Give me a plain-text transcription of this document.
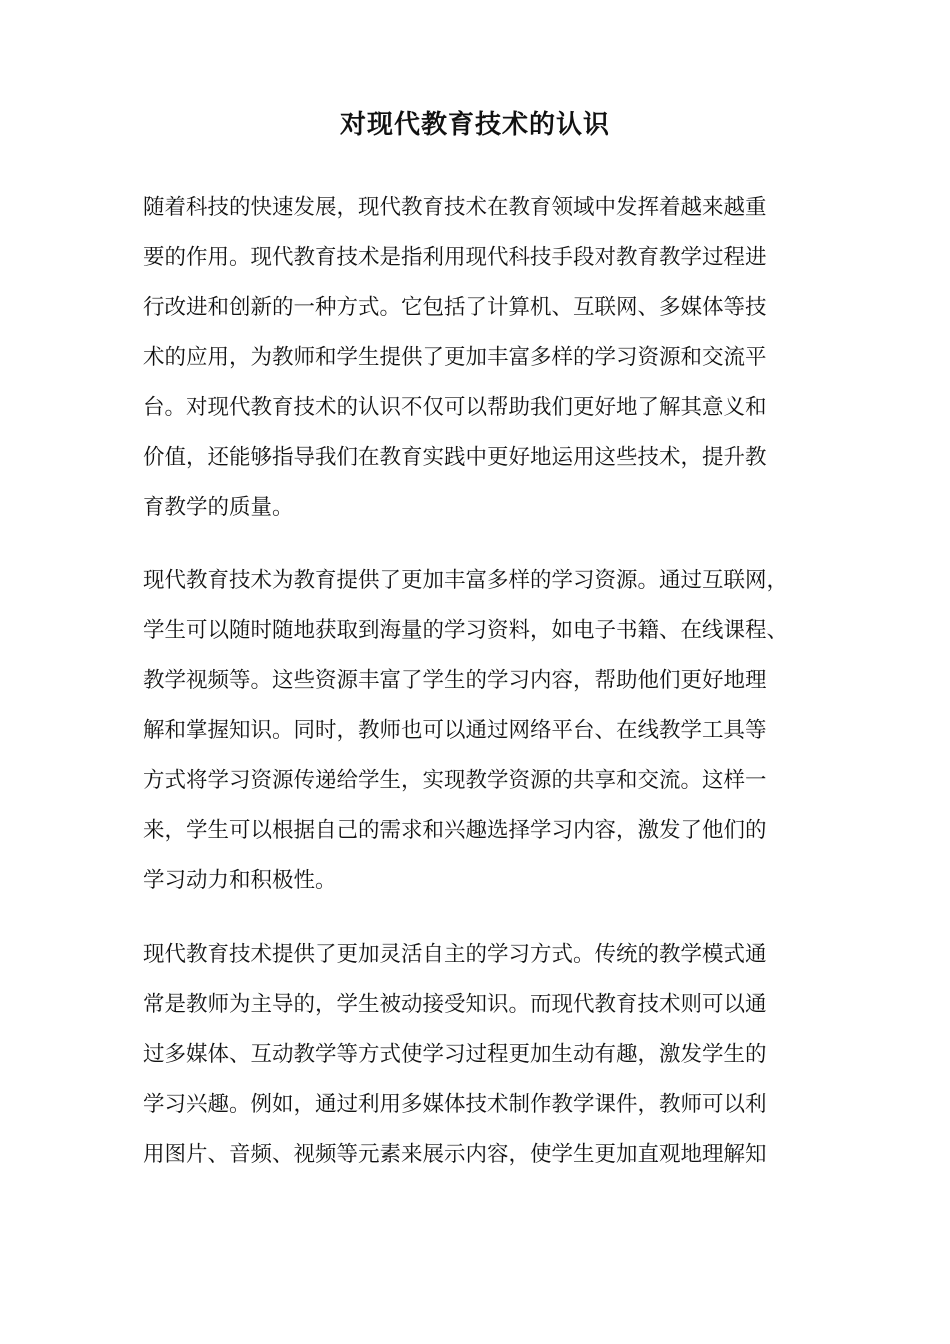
对现代教育技术的认识

随着科技的快速发展，现代教育技术在教育领域中发挥着越来越重

要的作用。现代教育技术是指利用现代科技手段对教育教学过程进

行改进和创新的一种方式。它包括了计算机、互联网、多媒体等技

术的应用，为教师和学生提供了更加丰富多样的学习资源和交流平

台。对现代教育技术的认识不仅可以帮助我们更好地了解其意义和

价值，还能够指导我们在教育实践中更好地运用这些技术，提升教

育教学的质量。

现代教育技术为教育提供了更加丰富多样的学习资源。通过互联网，

学生可以随时随地获取到海量的学习资料，如电子书籍、在线课程、

教学视频等。这些资源丰富了学生的学习内容，帮助他们更好地理

解和掌握知识。同时，教师也可以通过网络平台、在线教学工具等

方式将学习资源传递给学生，实现教学资源的共享和交流。这样一

来，学生可以根据自己的需求和兴趣选择学习内容，激发了他们的

学习动力和积极性。

现代教育技术提供了更加灵活自主的学习方式。传统的教学模式通

常是教师为主导的，学生被动接受知识。而现代教育技术则可以通

过多媒体、互动教学等方式使学习过程更加生动有趣，激发学生的

学习兴趣。例如，通过利用多媒体技术制作教学课件，教师可以利

用图片、音频、视频等元素来展示内容，使学生更加直观地理解知
